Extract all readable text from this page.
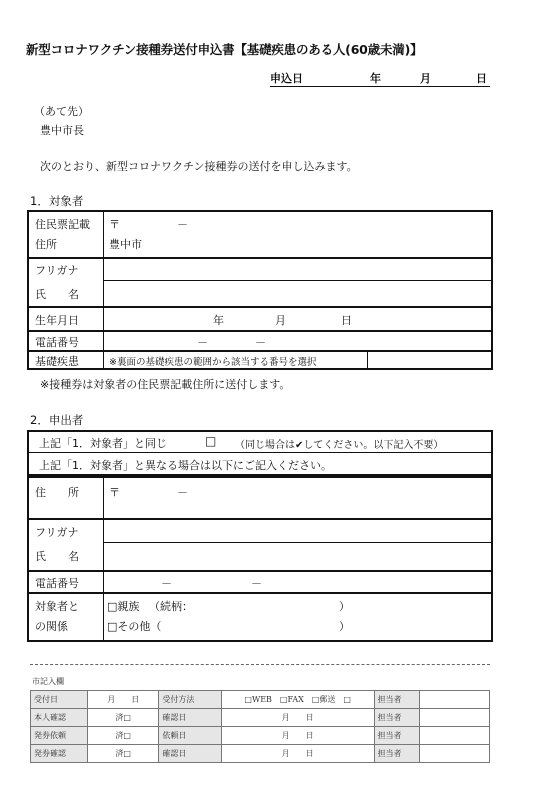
新型コロナワクチン接種券送付申込書【基礎疾患のある人(60歳未満)】
申込日	年	月	日
（あて先）
豊中市長
次のとおり、新型コロナワクチン接種券の送付を申し込みます。
1．対象者
住民票記載
住所
〒	－
豊中市
フリガナ
氏　　名
生年月日	年	月	日
電話番号	－	－
基礎疾患	※裏面の基礎疾患の範囲から該当する番号を選択
※接種券は対象者の住民票記載住所に送付します。
2．申出者
上記「1．対象者」と同じ	□ （同じ場合は✔してください。以下記入不要）
上記「1．対象者」と異なる場合は以下にご記入ください。
住　　所	〒	－
フリガナ
氏　　名
電話番号	－	－
対象者と
の関係
□親族 （続柄：	）
□その他（	）
市記入欄
受付日	月　　日	受付方法	□WEB　□FAX　□郵送　□	担当者	
本人確認	済□	確認日	月　　日	担当者	
発券依頼	済□	依頼日	月　　日	担当者	
発券確認	済□	確認日	月　　日	担当者	
